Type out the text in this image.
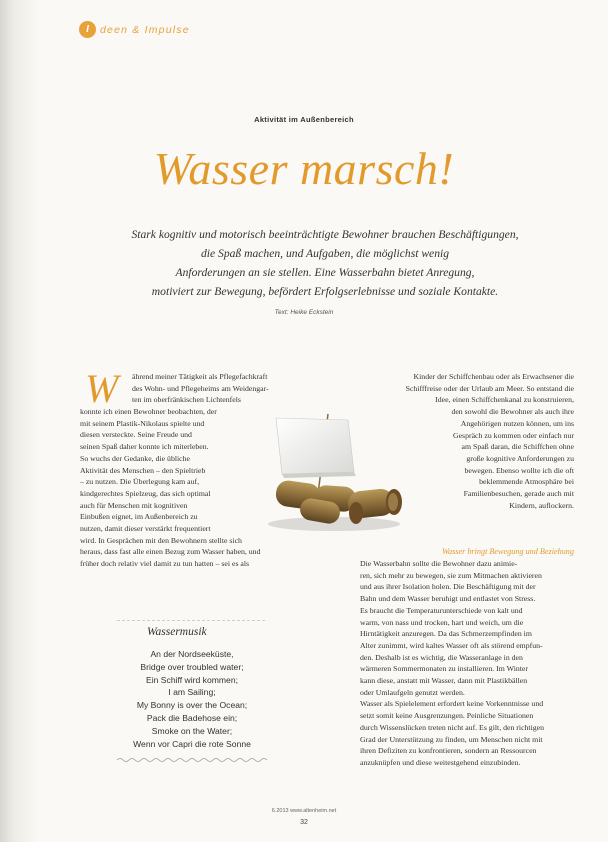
I	deen & Impulse
Aktivität im Außenbereich
Wasser marsch!
Stark kognitiv und motorisch beeinträchtigte Bewohner brauchen Beschäftigungen,
die Spaß machen, und Aufgaben, die möglichst wenig
Anforderungen an sie stellen. Eine Wasserbahn bietet Anregung,
motiviert zur Bewegung, befördert Erfolgserlebnisse und soziale Kontakte.
Text: Heike Eckstein
W ährend meiner Tätigkeit als Pflegefachkraft
des Wohn- und Pflegeheims am Weidengar-
ten im oberfränkischen Lichtenfels
konnte ich einen Bewohner beobachten, der
mit seinem Plastik-Nikolaus spielte und
diesen versteckte. Seine Freude und
seinen Spaß daher konnte ich miterleben.
So wuchs der Gedanke, die übliche
Aktivität des Menschen – den Spieltrieb
– zu nutzen. Die Überlegung kam auf,
kindgerechtes Spielzeug, das sich optimal
auch für Menschen mit kognitiven
Einbußen eignet, im Außenbereich zu
nutzen, damit dieser verstärkt frequentiert
wird. In Gesprächen mit den Bewohnern stellte sich
heraus, dass fast alle einen Bezug zum Wasser haben, und
früher doch relativ viel damit zu tun hatten – sei es als
Kinder der Schiffchenbau oder als Erwachsener die
Schifffreise oder der Urlaub am Meer. So entstand die
Idee, einen Schiffchenkanal zu konstruieren,
den sowohl die Bewohner als auch ihre
Angehörigen nutzen können, um ins
Gespräch zu kommen oder einfach nur
am Spaß daran, die Schiffchen ohne
große kognitive Anforderungen zu
bewegen. Ebenso wollte ich die oft
beklemmende Atmosphäre bei
Familienbesuchen, gerade auch mit
Kindern, auflockern.
Wasser bringt Bewegung und Beziehung
Die Wasserbahn sollte die Bewohner dazu animie-
ren, sich mehr zu bewegen, sie zum Mitmachen aktivieren
und aus ihrer Isolation holen. Die Beschäftigung mit der
Bahn und dem Wasser beruhigt und entlastet von Stress.
Es braucht die Temperaturunterschiede von kalt und
warm, von nass und trocken, hart und weich, um die
Hirntätigkeit anzuregen. Da das Schmerzempfinden im
Alter zunimmt, wird kaltes Wasser oft als störend empfun-
den. Deshalb ist es wichtig, die Wasseranlage in den
wärmeren Sommermonaten zu installieren. Im Winter
kann diese, anstatt mit Wasser, dann mit Plastikbällen
oder Umlaufgeln genutzt werden.
Wasser als Spielelement erfordert keine Vorkenntnisse und
setzt somit keine Ausgrenzungen. Peinliche Situationen
durch Wissenslücken treten nicht auf. Es gilt, den richtigen
Grad der Unterstützung zu finden, um Menschen nicht mit
ihren Defiziten zu konfrontieren, sondern an Ressourcen
anzuknüpfen und diese weitestgehend einzubinden.
Wassermusik
An der Nordseeküste,
Bridge over troubled water;
Ein Schiff wird kommen;
I am Sailing;
My Bonny is over the Ocean;
Pack die Badehose ein;
Smoke on the Water;
Wenn vor Capri die rote Sonne
6.2013 www.altenheim.net
32
